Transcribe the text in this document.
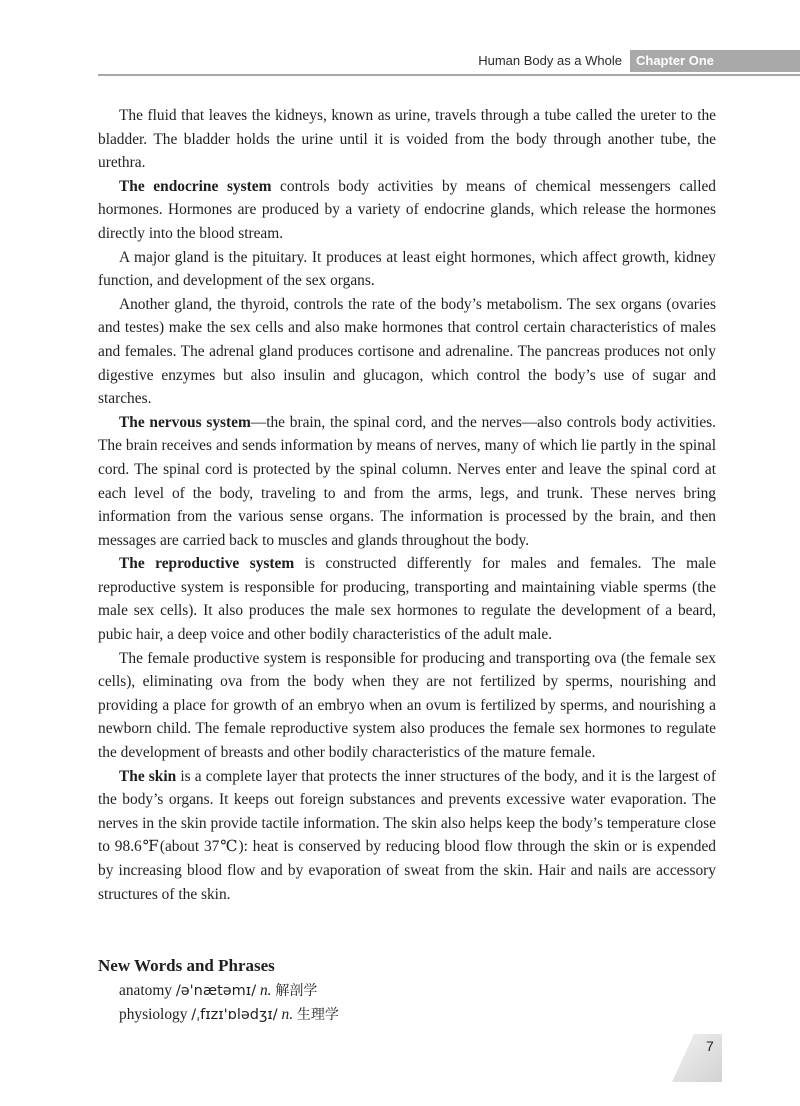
Human Body as a Whole	Chapter One

The fluid that leaves the kidneys, known as urine, travels through a tube called the ureter to the bladder. The bladder holds the urine until it is voided from the body through another tube, the urethra.

The endocrine system controls body activities by means of chemical messengers called hormones. Hormones are produced by a variety of endocrine glands, which release the hormones directly into the blood stream.

A major gland is the pituitary. It produces at least eight hormones, which affect growth, kidney function, and development of the sex organs.

Another gland, the thyroid, controls the rate of the body’s metabolism. The sex organs (ovaries and testes) make the sex cells and also make hormones that control certain characteristics of males and females. The adrenal gland produces cortisone and adrenaline. The pancreas produces not only digestive enzymes but also insulin and glucagon, which control the body’s use of sugar and starches.

The nervous system—the brain, the spinal cord, and the nerves—also controls body activities. The brain receives and sends information by means of nerves, many of which lie partly in the spinal cord. The spinal cord is protected by the spinal column. Nerves enter and leave the spinal cord at each level of the body, traveling to and from the arms, legs, and trunk. These nerves bring information from the various sense organs. The information is processed by the brain, and then messages are carried back to muscles and glands throughout the body.

The reproductive system is constructed differently for males and females. The male reproductive system is responsible for producing, transporting and maintaining viable sperms (the male sex cells). It also produces the male sex hormones to regulate the development of a beard, pubic hair, a deep voice and other bodily characteristics of the adult male.

The female productive system is responsible for producing and transporting ova (the female sex cells), eliminating ova from the body when they are not fertilized by sperms, nourishing and providing a place for growth of an embryo when an ovum is fertilized by sperms, and nourishing a newborn child. The female reproductive system also produces the female sex hormones to regulate the development of breasts and other bodily characteristics of the mature female.

The skin is a complete layer that protects the inner structures of the body, and it is the largest of the body’s organs. It keeps out foreign substances and prevents excessive water evaporation. The nerves in the skin provide tactile information. The skin also helps keep the body’s temperature close to 98.6℉(about 37℃): heat is conserved by reducing blood flow through the skin or is expended by increasing blood flow and by evaporation of sweat from the skin. Hair and nails are accessory structures of the skin.

New Words and Phrases
anatomy /ə'nætəmɪ/ n. 解剖学
physiology /ˌfɪzɪ'ɒlədʒɪ/ n. 生理学
7
